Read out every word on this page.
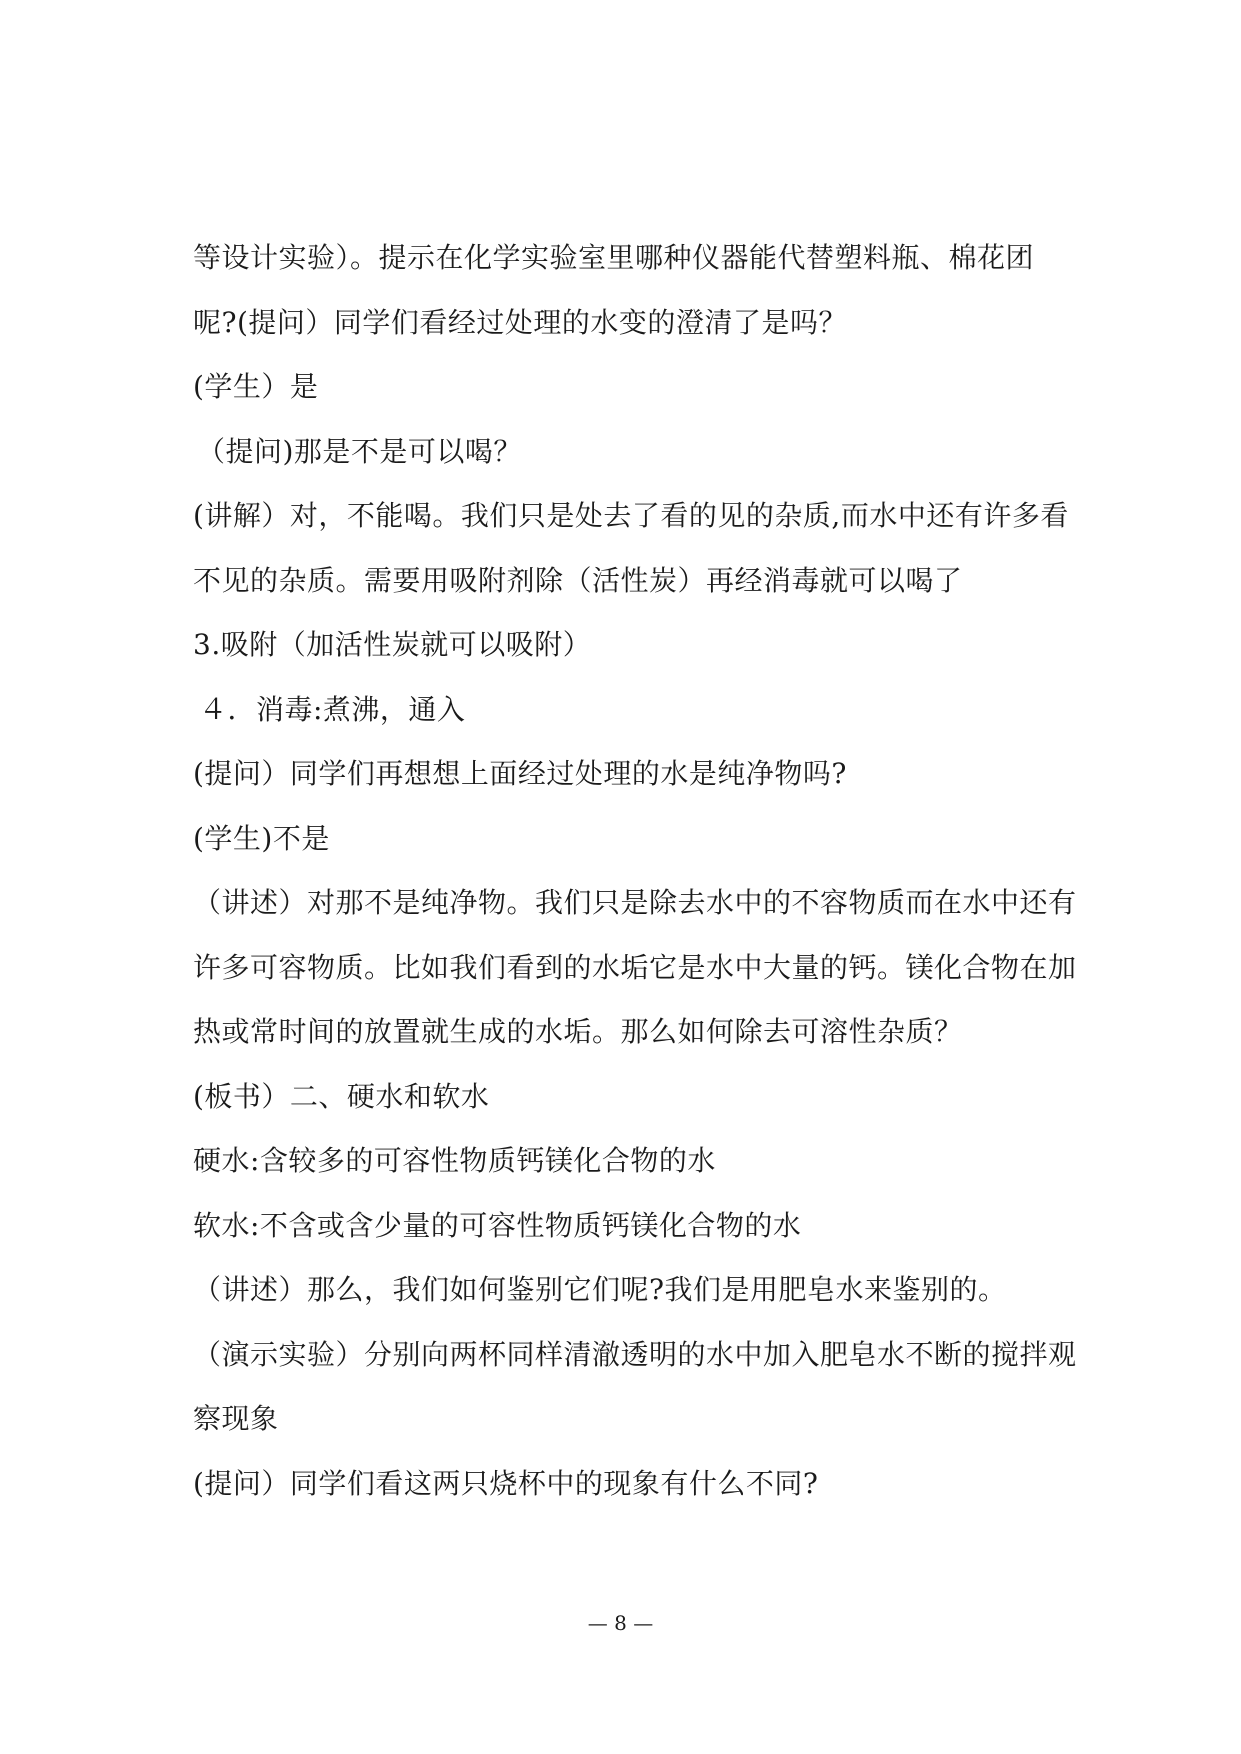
等设计实验）。提示在化学实验室里哪种仪器能代替塑料瓶、棉花团
呢?(提问）同学们看经过处理的水变的澄清了是吗？
(学生）是
（提问)那是不是可以喝？
(讲解）对，不能喝。我们只是处去了看的见的杂质,而水中还有许多看
不见的杂质。需要用吸附剂除（活性炭）再经消毒就可以喝了
3.吸附（加活性炭就可以吸附）
４．消毒:煮沸，通入
(提问）同学们再想想上面经过处理的水是纯净物吗?
(学生)不是
（讲述）对那不是纯净物。我们只是除去水中的不容物质而在水中还有
许多可容物质。比如我们看到的水垢它是水中大量的钙。镁化合物在加
热或常时间的放置就生成的水垢。那么如何除去可溶性杂质？
(板书）二、硬水和软水
硬水:含较多的可容性物质钙镁化合物的水
软水:不含或含少量的可容性物质钙镁化合物的水
（讲述）那么，我们如何鉴别它们呢?我们是用肥皂水来鉴别的。
（演示实验）分别向两杯同样清澈透明的水中加入肥皂水不断的搅拌观
察现象
(提问）同学们看这两只烧杯中的现象有什么不同?
— 8 —
